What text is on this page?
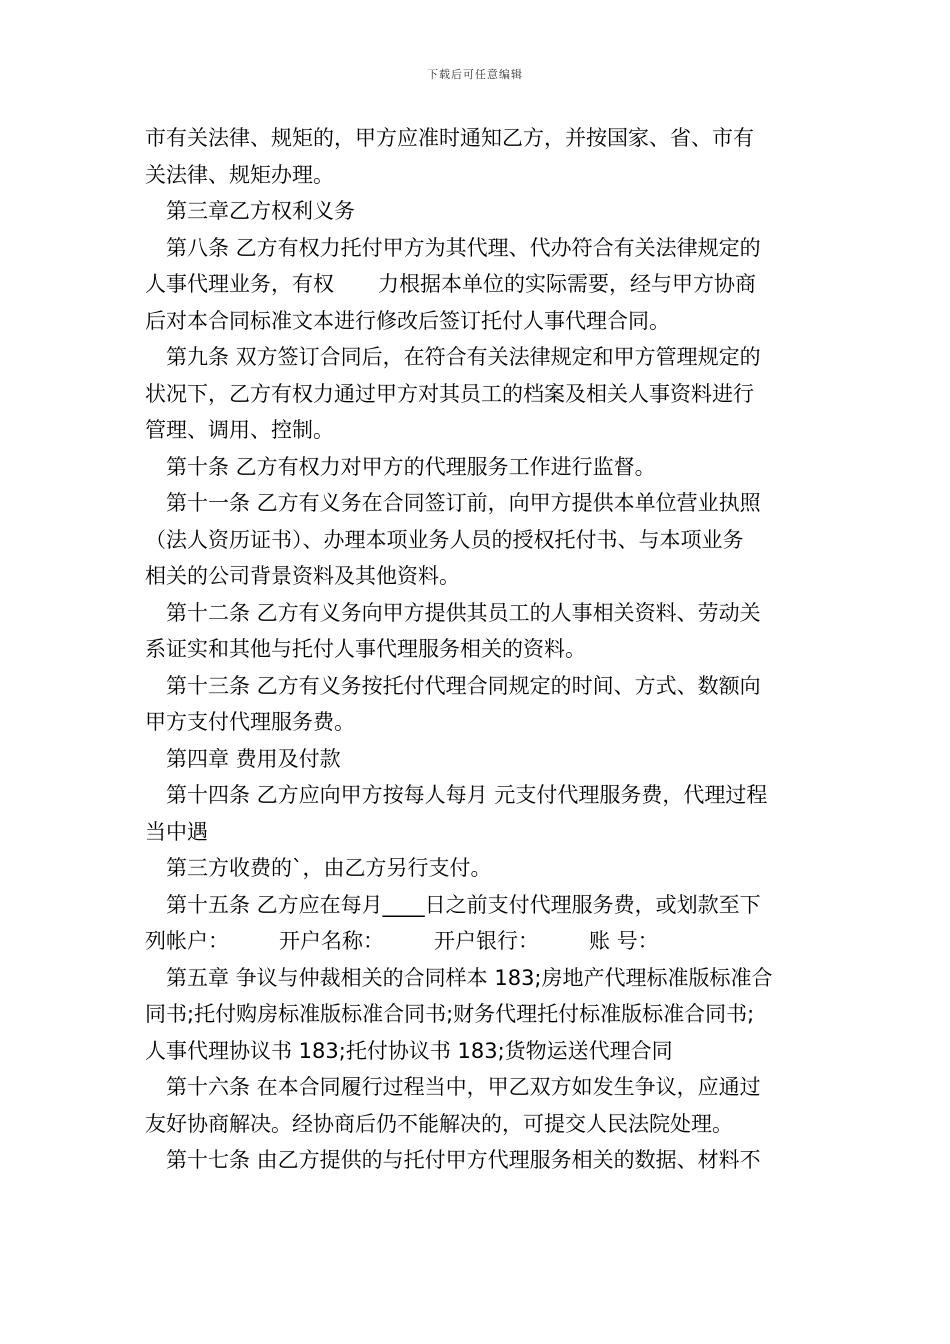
下载后可任意编辑
市有关法律、规矩的，甲方应准时通知乙方，并按国家、省、市有
关法律、规矩办理。
第三章乙方权利义务
第八条 乙方有权力托付甲方为其代理、代办符合有关法律规定的
人事代理业务，有权 力根据本单位的实际需要，经与甲方协商
后对本合同标准文本进行修改后签订托付人事代理合同。
第九条 双方签订合同后，在符合有关法律规定和甲方管理规定的
状况下，乙方有权力通过甲方对其员工的档案及相关人事资料进行
管理、调用、控制。
第十条 乙方有权力对甲方的代理服务工作进行监督。
第十一条 乙方有义务在合同签订前，向甲方提供本单位营业执照
（法人资历证书）、办理本项业务人员的授权托付书、与本项业务
相关的公司背景资料及其他资料。
第十二条 乙方有义务向甲方提供其员工的人事相关资料、劳动关
系证实和其他与托付人事代理服务相关的资料。
第十三条 乙方有义务按托付代理合同规定的时间、方式、数额向
甲方支付代理服务费。
第四章 费用及付款
第十四条 乙方应向甲方按每人每月 元支付代理服务费，代理过程
当中遇
第三方收费的`，由乙方另行支付。
第十五条 乙方应在每月____日之前支付代理服务费，或划款至下
列帐户： 开户名称： 开户银行： 账 号：
第五章 争议与仲裁相关的合同样本 183;房地产代理标准版标准合
同书;托付购房标准版标准合同书;财务代理托付标准版标准合同书;
人事代理协议书 183;托付协议书 183;货物运送代理合同
第十六条 在本合同履行过程当中，甲乙双方如发生争议，应通过
友好协商解决。经协商后仍不能解决的，可提交人民法院处理。
第十七条 由乙方提供的与托付甲方代理服务相关的数据、材料不
